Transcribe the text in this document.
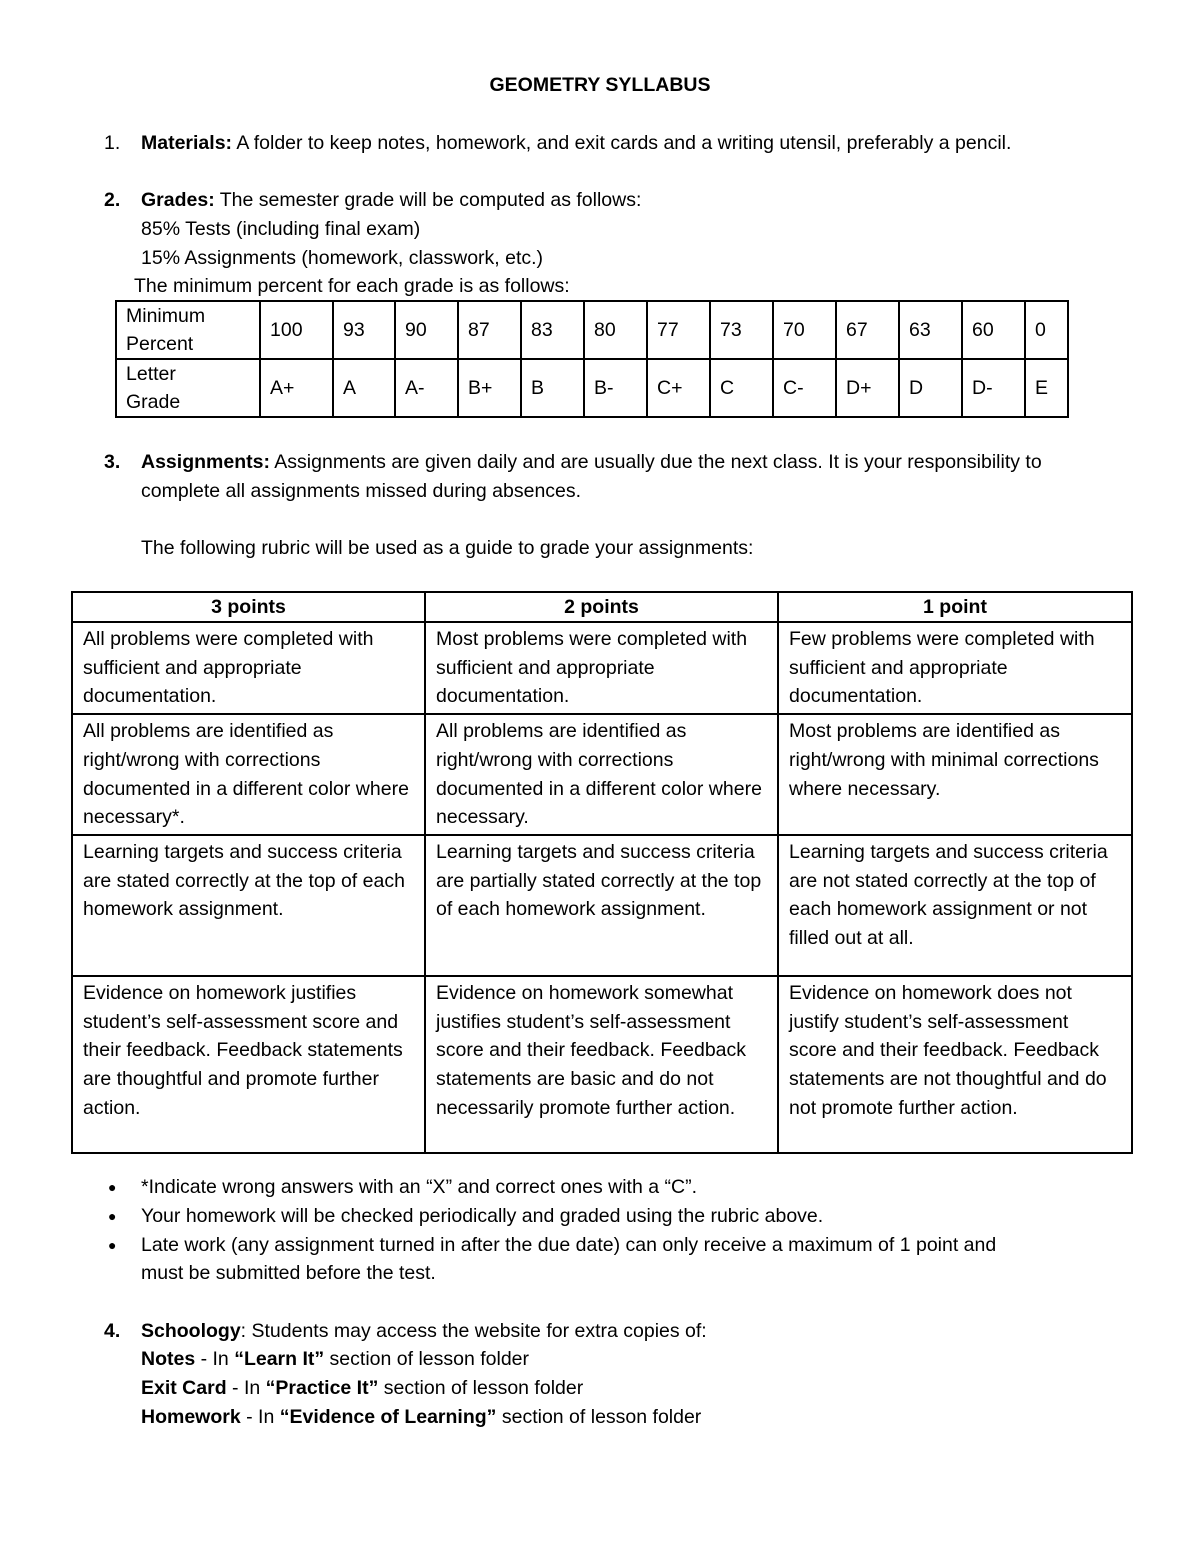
GEOMETRY SYLLABUS
1. Materials: A folder to keep notes, homework, and exit cards and a writing utensil, preferably a pencil.
2. Grades: The semester grade will be computed as follows:
85% Tests (including final exam)
15% Assignments (homework, classwork, etc.)
The minimum percent for each grade is as follows:
Minimum
Percent	100	93	90	87	83	80	77	73	70	67	63	60	0

Letter
Grade	A+	A	A-	B+	B	B-	C+	C	C-	D+	D	D-	E
3. Assignments: Assignments are given daily and are usually due the next class. It is your responsibility to
complete all assignments missed during absences.
The following rubric will be used as a guide to grade your assignments:
3 points	2 points	1 point
All problems were completed with sufficient and appropriate documentation.	Most problems were completed with sufficient and appropriate documentation.	Few problems were completed with sufficient and appropriate documentation.
All problems are identified as right/wrong with corrections documented in a different color where necessary*.	All problems are identified as right/wrong with corrections documented in a different color where necessary.	Most problems are identified as right/wrong with minimal corrections where necessary.
Learning targets and success criteria are stated correctly at the top of each homework assignment.	Learning targets and success criteria are partially stated correctly at the top of each homework assignment.	Learning targets and success criteria are not stated correctly at the top of each homework assignment or not filled out at all.
Evidence on homework justifies student’s self-assessment score and their feedback. Feedback statements are thoughtful and promote further action.	Evidence on homework somewhat justifies student’s self-assessment score and their feedback. Feedback statements are basic and do not necessarily promote further action.	Evidence on homework does not justify student’s self-assessment score and their feedback. Feedback statements are not thoughtful and do not promote further action.
● *Indicate wrong answers with an “X” and correct ones with a “C”.
● Your homework will be checked periodically and graded using the rubric above.
● Late work (any assignment turned in after the due date) can only receive a maximum of 1 point and
must be submitted before the test.
4. Schoology: Students may access the website for extra copies of:
Notes - In “Learn It” section of lesson folder
Exit Card - In “Practice It” section of lesson folder
Homework - In “Evidence of Learning” section of lesson folder
